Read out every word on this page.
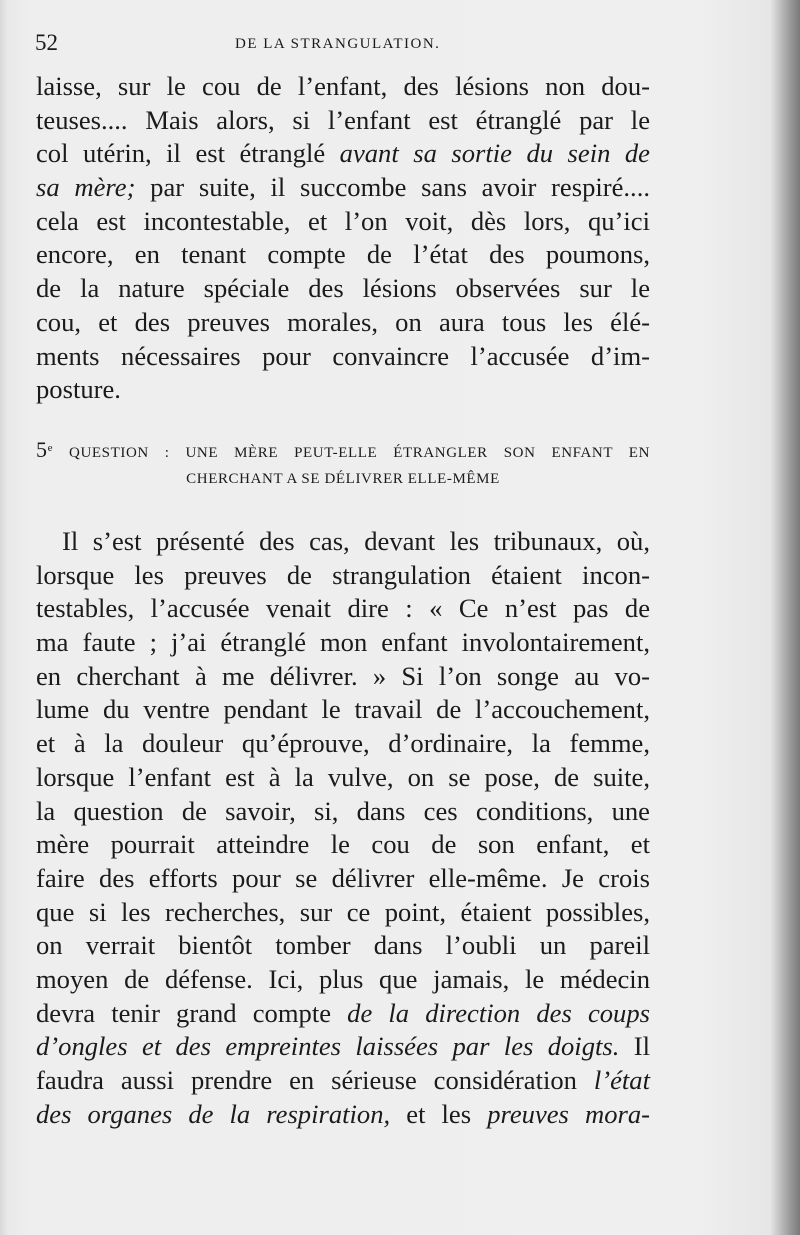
52	DE LA STRANGULATION.
laisse, sur le cou de l’enfant, des lésions non dou-
teuses.... Mais alors, si l’enfant est étranglé par le
col utérin, il est étranglé avant sa sortie du sein de
sa mère; par suite, il succombe sans avoir respiré....
cela est incontestable, et l’on voit, dès lors, qu’ici
encore, en tenant compte de l’état des poumons,
de la nature spéciale des lésions observées sur le
cou, et des preuves morales, on aura tous les élé-
ments nécessaires pour convaincre l’accusée d’im-
posture.
5e QUESTION : UNE MÈRE PEUT-ELLE ÉTRANGLER SON ENFANT EN
CHERCHANT A SE DÉLIVRER ELLE-MÊME
Il s’est présenté des cas, devant les tribunaux, où,
lorsque les preuves de strangulation étaient incon-
testables, l’accusée venait dire : « Ce n’est pas de
ma faute ; j’ai étranglé mon enfant involontairement,
en cherchant à me délivrer. » Si l’on songe au vo-
lume du ventre pendant le travail de l’accouchement,
et à la douleur qu’éprouve, d’ordinaire, la femme,
lorsque l’enfant est à la vulve, on se pose, de suite,
la question de savoir, si, dans ces conditions, une
mère pourrait atteindre le cou de son enfant, et
faire des efforts pour se délivrer elle-même. Je crois
que si les recherches, sur ce point, étaient possibles,
on verrait bientôt tomber dans l’oubli un pareil
moyen de défense. Ici, plus que jamais, le médecin
devra tenir grand compte de la direction des coups
d’ongles et des empreintes laissées par les doigts. Il
faudra aussi prendre en sérieuse considération l’état
des organes de la respiration, et les preuves mora-
